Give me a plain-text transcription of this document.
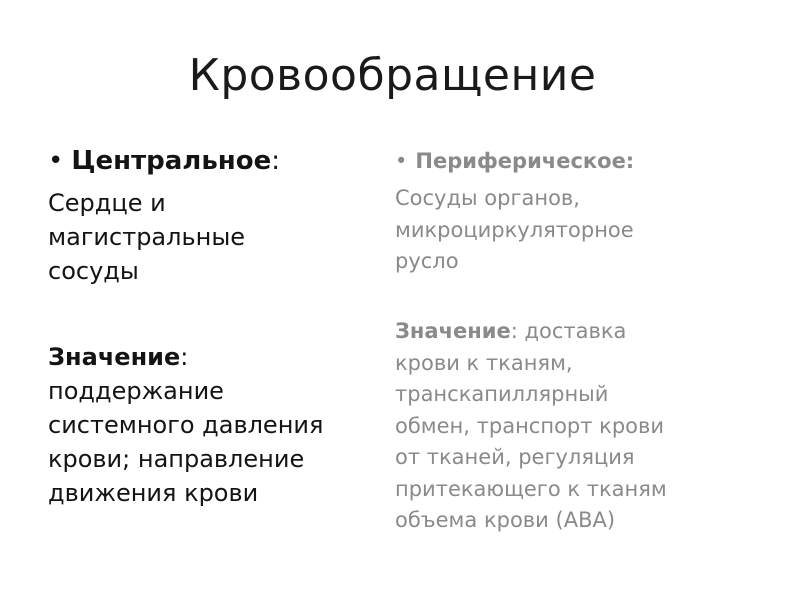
Кровообращение
• Центральное:
Сердце и
магистральные
сосуды
Значение:
поддержание
системного давления
крови; направление
движения крови
• Периферическое:
Сосуды органов,
микроциркуляторное
русло
Значение: доставка
крови к тканям,
транскапиллярный
обмен, транспорт крови
от тканей, регуляция
притекающего к тканям
объема крови (АВА)
